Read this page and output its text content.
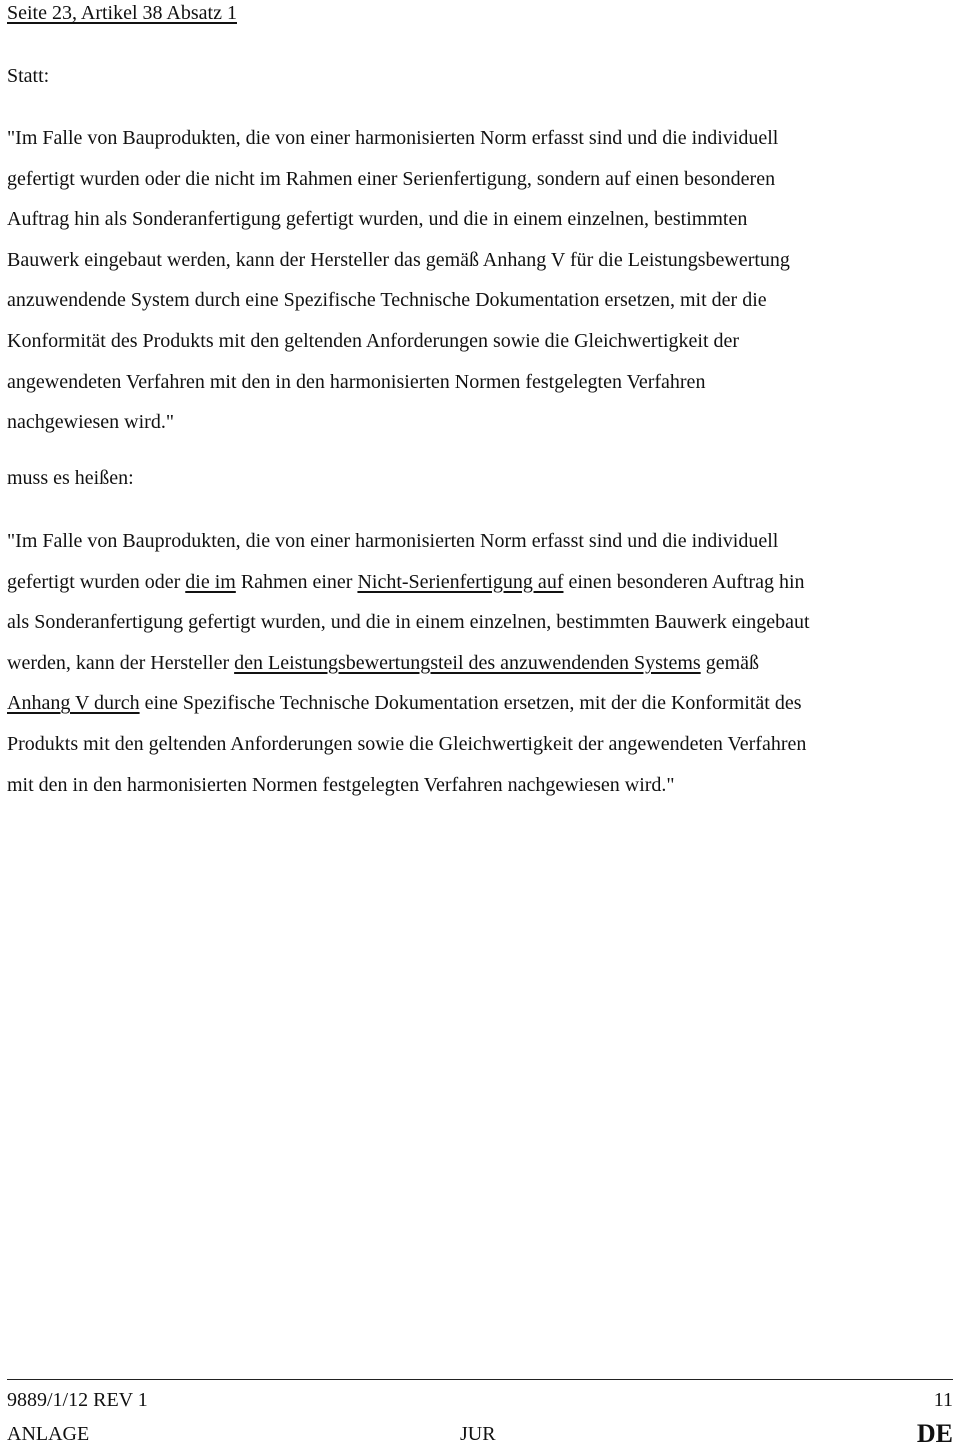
Seite 23, Artikel 38 Absatz 1
Statt:
"Im Falle von Bauprodukten, die von einer harmonisierten Norm erfasst sind und die individuell
gefertigt wurden oder die nicht im Rahmen einer Serienfertigung, sondern auf einen besonderen
Auftrag hin als Sonderanfertigung gefertigt wurden, und die in einem einzelnen, bestimmten
Bauwerk eingebaut werden, kann der Hersteller das gemäß Anhang V für die Leistungsbewertung
anzuwendende System durch eine Spezifische Technische Dokumentation ersetzen, mit der die
Konformität des Produkts mit den geltenden Anforderungen sowie die Gleichwertigkeit der
angewendeten Verfahren mit den in den harmonisierten Normen festgelegten Verfahren
nachgewiesen wird."
muss es heißen:
"Im Falle von Bauprodukten, die von einer harmonisierten Norm erfasst sind und die individuell
gefertigt wurden oder die im Rahmen einer Nicht-Serienfertigung auf einen besonderen Auftrag hin
als Sonderanfertigung gefertigt wurden, und die in einem einzelnen, bestimmten Bauwerk eingebaut
werden, kann der Hersteller den Leistungsbewertungsteil des anzuwendenden Systems gemäß
Anhang V durch eine Spezifische Technische Dokumentation ersetzen, mit der die Konformität des
Produkts mit den geltenden Anforderungen sowie die Gleichwertigkeit der angewendeten Verfahren
mit den in den harmonisierten Normen festgelegten Verfahren nachgewiesen wird."
9889/1/12 REV 1	11
ANLAGE	JUR	DE
